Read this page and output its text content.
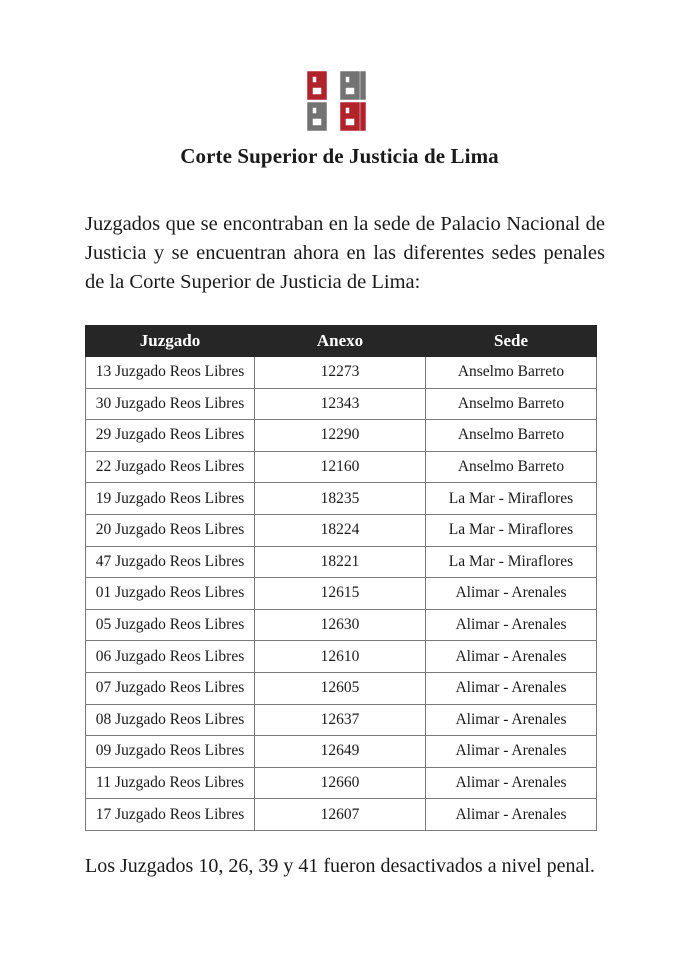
Corte Superior de Justicia de Lima
Juzgados que se encontraban en la sede de Palacio Nacional de Justicia y se encuentran ahora en las diferentes sedes penales de la Corte Superior de Justicia de Lima:
Juzgado	Anexo	Sede
13 Juzgado Reos Libres	12273	Anselmo Barreto
30 Juzgado Reos Libres	12343	Anselmo Barreto
29 Juzgado Reos Libres	12290	Anselmo Barreto
22 Juzgado Reos Libres	12160	Anselmo Barreto
19 Juzgado Reos Libres	18235	La Mar - Miraflores
20 Juzgado Reos Libres	18224	La Mar - Miraflores
47 Juzgado Reos Libres	18221	La Mar - Miraflores
01 Juzgado Reos Libres	12615	Alimar - Arenales
05 Juzgado Reos Libres	12630	Alimar - Arenales
06 Juzgado Reos Libres	12610	Alimar - Arenales
07 Juzgado Reos Libres	12605	Alimar - Arenales
08 Juzgado Reos Libres	12637	Alimar - Arenales
09 Juzgado Reos Libres	12649	Alimar - Arenales
11 Juzgado Reos Libres	12660	Alimar - Arenales
17 Juzgado Reos Libres	12607	Alimar - Arenales
Los Juzgados 10, 26, 39 y 41 fueron desactivados a nivel penal.
